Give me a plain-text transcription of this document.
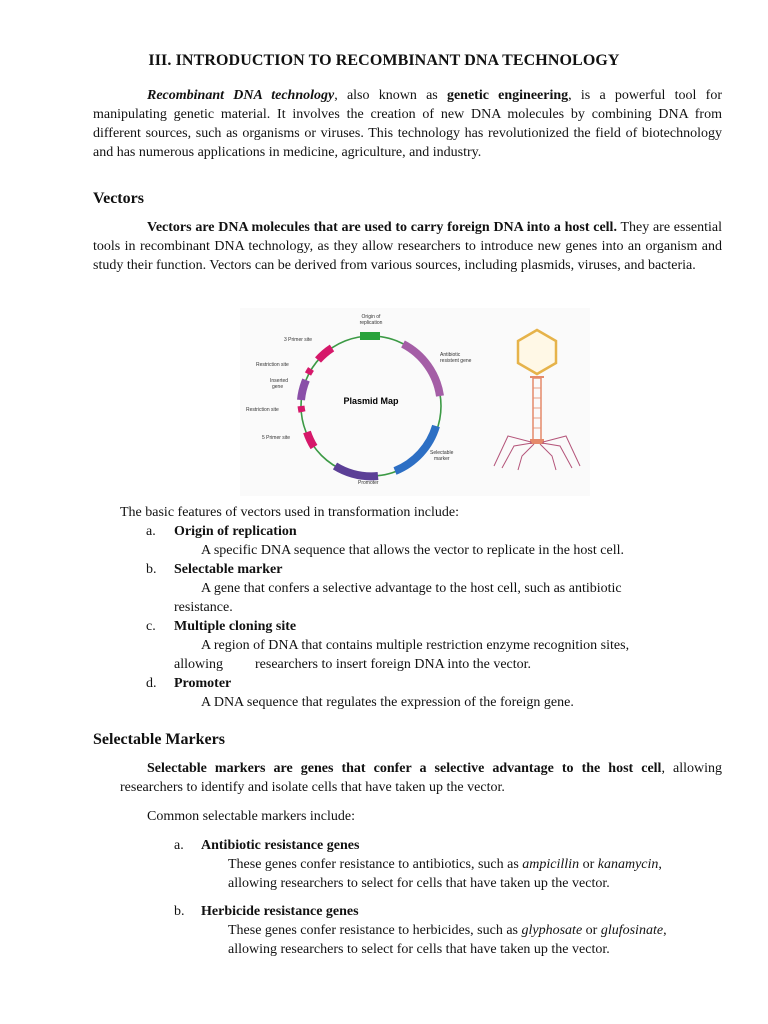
III. INTRODUCTION TO RECOMBINANT DNA TECHNOLOGY
Recombinant DNA technology, also known as genetic engineering, is a powerful tool for manipulating genetic material. It involves the creation of new DNA molecules by combining DNA from different sources, such as organisms or viruses. This technology has revolutionized the field of biotechnology and has numerous applications in medicine, agriculture, and industry.
Vectors
Vectors are DNA molecules that are used to carry foreign DNA into a host cell. They are essential tools in recombinant DNA technology, as they allow researchers to introduce new genes into an organism and study their function. Vectors can be derived from various sources, including plasmids, viruses, and bacteria.
Plasmid Map
Origin of replication
3 Primer site
Antibiotic resistent gene
Restriction site
Inserted gene
Restriction site
5 Primer site
Selectable marker
Promoter
The basic features of vectors used in transformation include:
a. Origin of replication
A specific DNA sequence that allows the vector to replicate in the host cell.
b. Selectable marker
A gene that confers a selective advantage to the host cell, such as antibiotic
resistance.
c. Multiple cloning site
A region of DNA that contains multiple restriction enzyme recognition sites,
allowing researchers to insert foreign DNA into the vector.
d. Promoter
A DNA sequence that regulates the expression of the foreign gene.
Selectable Markers
Selectable markers are genes that confer a selective advantage to the host cell, allowing researchers to identify and isolate cells that have taken up the vector.
Common selectable markers include:
a. Antibiotic resistance genes
These genes confer resistance to antibiotics, such as ampicillin or kanamycin,
allowing researchers to select for cells that have taken up the vector.
b. Herbicide resistance genes
These genes confer resistance to herbicides, such as glyphosate or glufosinate,
allowing researchers to select for cells that have taken up the vector.
